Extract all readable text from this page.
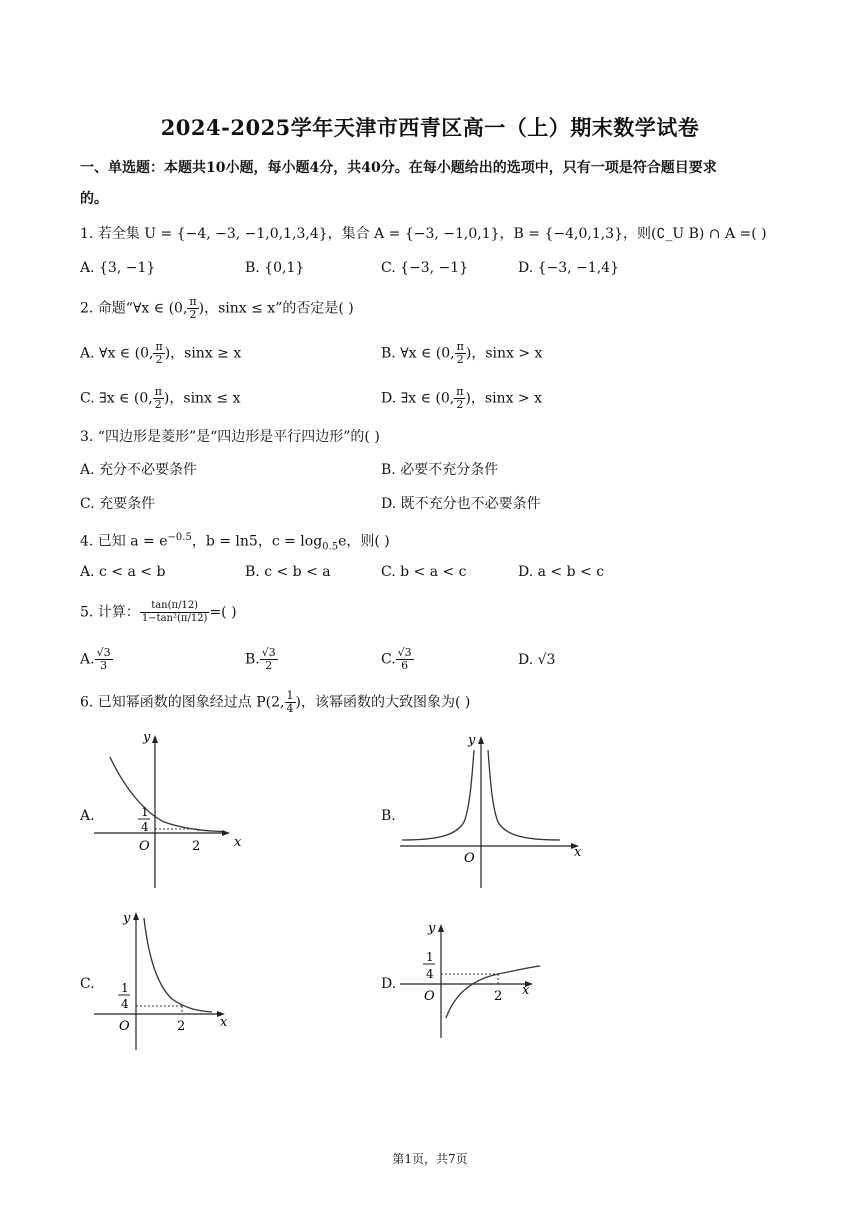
2024-2025学年天津市西青区高一（上）期末数学试卷
一、单选题：本题共10小题，每小题4分，共40分。在每小题给出的选项中，只有一项是符合题目要求
的。
1. 若全集 U = {−4, −3, −1,0,1,3,4}，集合 A = {−3, −1,0,1}，B = {−4,0,1,3}，则(∁_U B) ∩ A =( )
A. {3, −1}	B. {0,1}	C. {−3, −1}	D. {−3, −1,4}
2. 命题“∀x ∈ (0, $\frac{\pi}{2}$ )，sinx ≤ x”的否定是( )
A. ∀x ∈ (0, $\frac{\pi}{2}$ )，sinx ≥ x	B. ∀x ∈ (0, $\frac{\pi}{2}$ )，sinx > x
C. ∃x ∈ (0, $\frac{\pi}{2}$ )，sinx ≤ x	D. ∃x ∈ (0, $\frac{\pi}{2}$ )，sinx > x
3. “四边形是菱形”是“四边形是平行四边形”的( )
A. 充分不必要条件	B. 必要不充分条件
C. 充要条件	D. 既不充分也不必要条件
4. 已知 $a = e^{-0.5}$，b = ln5，$c = \log_{0.5}e$，则( )
A. c < a < b	B. c < b < a	C. b < a < c	D. a < b < c
5. 计算： $\frac{\tan(\pi/12)}{\text{1−tan²(π/12)}}$ =( )
A. $\frac{√3}{3}$	B. $\frac{√3}{2}$	C. $\frac{√3}{6}$	D. √3
6. 已知幂函数的图象经过点 P(2, $\frac{1}{4}$ )，该幂函数的大致图象为( )
A.	B.
C.	D.
y
x
O	2
1
4
y
x
O
y
x
O	2
1
4
y
x
O	2
1
4
第1页，共7页
